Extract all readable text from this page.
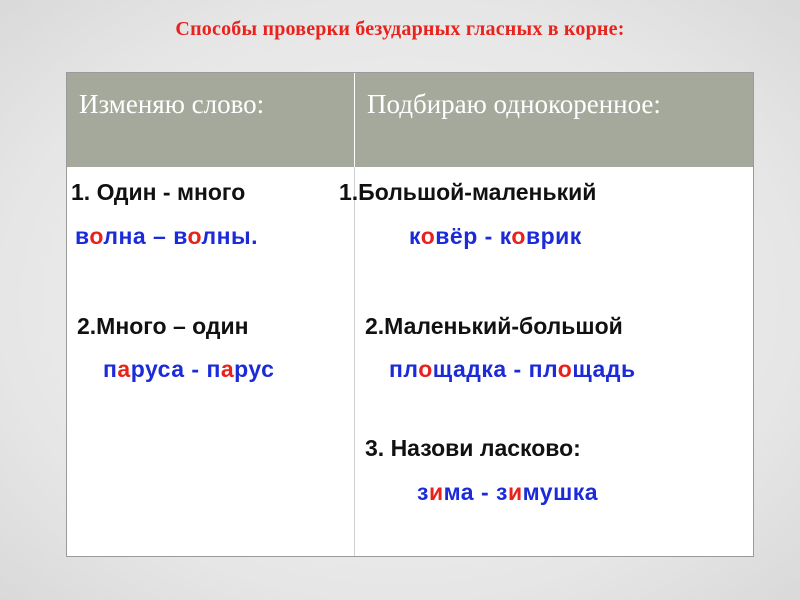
Способы проверки безударных гласных в корне:
Изменяю слово:	Подбираю однокоренное:
1. Один - много
волна – волны.
2.Много – один
паруса - парус
1.Большой-маленький
ковёр - коврик
2.Маленький-большой
площадка - площадь
3. Назови ласково:
зима - зимушка
